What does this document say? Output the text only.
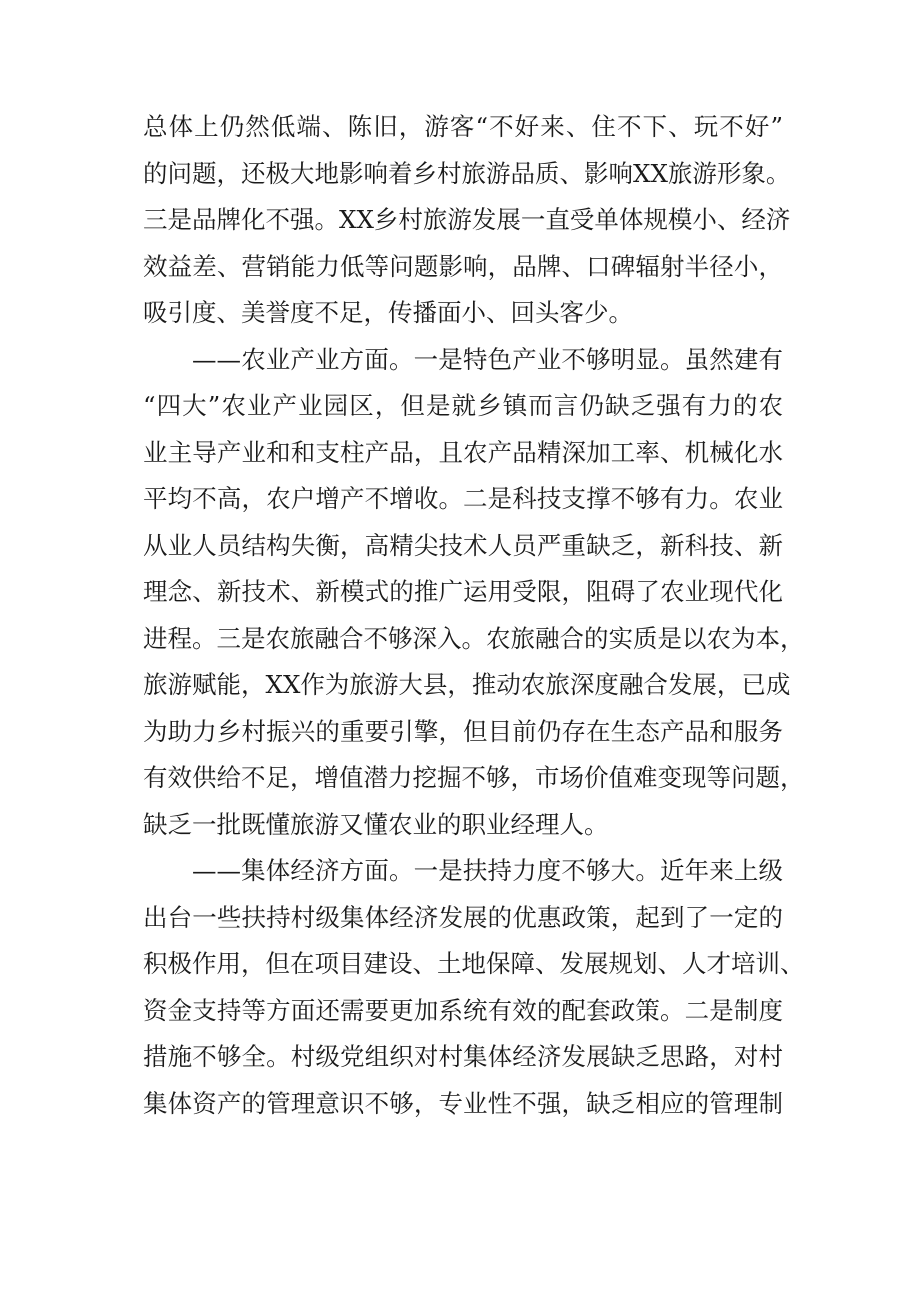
总体上仍然低端、陈旧，游客“不好来、住不下、玩不好”
的问题，还极大地影响着乡村旅游品质、影响XX旅游形象。
三是品牌化不强。XX乡村旅游发展一直受单体规模小、经济
效益差、营销能力低等问题影响，品牌、口碑辐射半径小，
吸引度、美誉度不足，传播面小、回头客少。
——农业产业方面。一是特色产业不够明显。虽然建有
“四大”农业产业园区，但是就乡镇而言仍缺乏强有力的农
业主导产业和和支柱产品，且农产品精深加工率、机械化水
平均不高，农户增产不增收。二是科技支撑不够有力。农业
从业人员结构失衡，高精尖技术人员严重缺乏，新科技、新
理念、新技术、新模式的推广运用受限，阻碍了农业现代化
进程。三是农旅融合不够深入。农旅融合的实质是以农为本，
旅游赋能，XX作为旅游大县，推动农旅深度融合发展，已成
为助力乡村振兴的重要引擎，但目前仍存在生态产品和服务
有效供给不足，增值潜力挖掘不够，市场价值难变现等问题，
缺乏一批既懂旅游又懂农业的职业经理人。
——集体经济方面。一是扶持力度不够大。近年来上级
出台一些扶持村级集体经济发展的优惠政策，起到了一定的
积极作用，但在项目建设、土地保障、发展规划、人才培训、
资金支持等方面还需要更加系统有效的配套政策。二是制度
措施不够全。村级党组织对村集体经济发展缺乏思路，对村
集体资产的管理意识不够，专业性不强，缺乏相应的管理制
